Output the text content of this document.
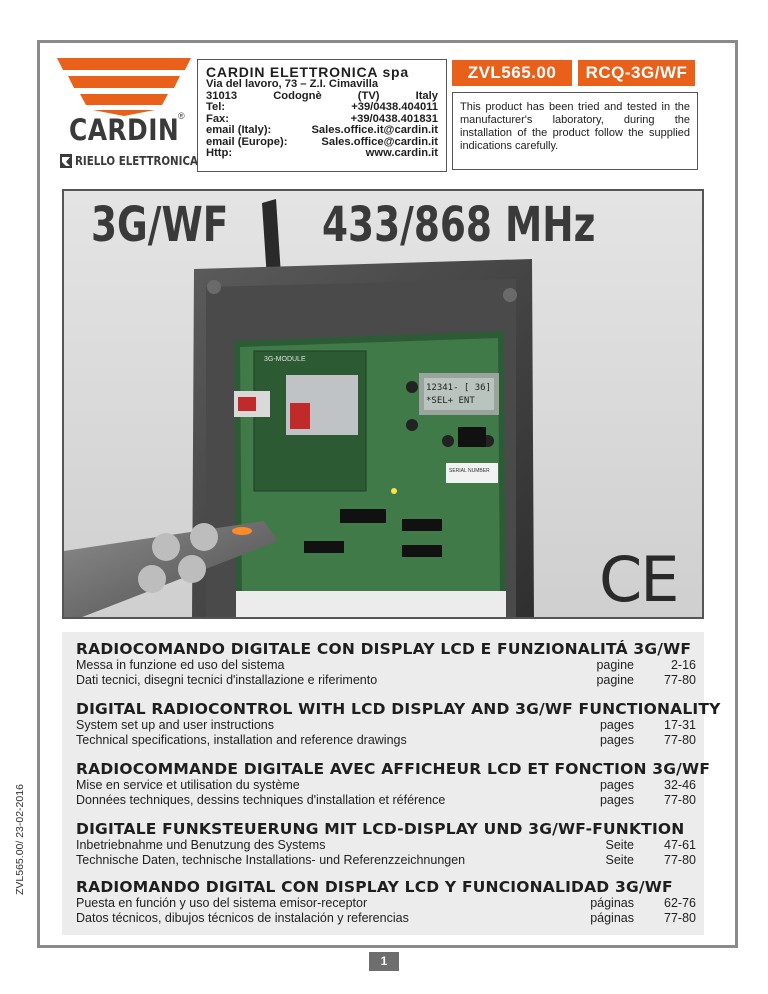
ZVL565.00/ 23-02-2016
CARDIN
®
RIELLO ELETTRONICA
CARDIN ELETTRONICA spa
Via del lavoro, 73 – Z.I. Cimavilla
31013	Codognè	(TV)	Italy
Tel:	+39/0438.404011
Fax:	+39/0438.401831
email (Italy):	Sales.office.it@cardin.it
email (Europe):	Sales.office@cardin.it
Http:	www.cardin.it
ZVL565.00	RCQ-3G/WF
This product has been tried and tested in the manufacturer's laboratory, during the installation of the product follow the supplied indications carefully.
3G-MODULE
12341- [ 36]
*SEL+ ENT
SERIAL NUMBER
3G/WF 433/868 MHz
CE
RADIOCOMANDO DIGITALE CON DISPLAY LCD E FUNZIONALITÁ 3G/WF
Messa in funzione ed uso del sistema	pagine	2-16
Dati tecnici, disegni tecnici d'installazione e riferimento	pagine 77-80
DIGITAL RADIOCONTROL WITH LCD DISPLAY AND 3G/WF FUNCTIONALITY
System set up and user instructions	pages 17-31
Technical specifications, installation and reference drawings	pages 77-80
RADIOCOMMANDE DIGITALE AVEC AFFICHEUR LCD ET FONCTION 3G/WF
Mise en service et utilisation du système	pages 32-46
Données techniques, dessins techniques d'installation et référence	pages 77-80
DIGITALE FUNKSTEUERUNG MIT LCD-DISPLAY UND 3G/WF-FUNKTION
Inbetriebnahme und Benutzung des Systems	Seite 47-61
Technische Daten, technische Installations- und Referenzzeichnungen	Seite 77-80
RADIOMANDO DIGITAL CON DISPLAY LCD Y FUNCIONALIDAD 3G/WF
Puesta en función y uso del sistema emisor-receptor	páginas 62-76
Datos técnicos, dibujos técnicos de instalación y referencias	páginas 77-80
1
